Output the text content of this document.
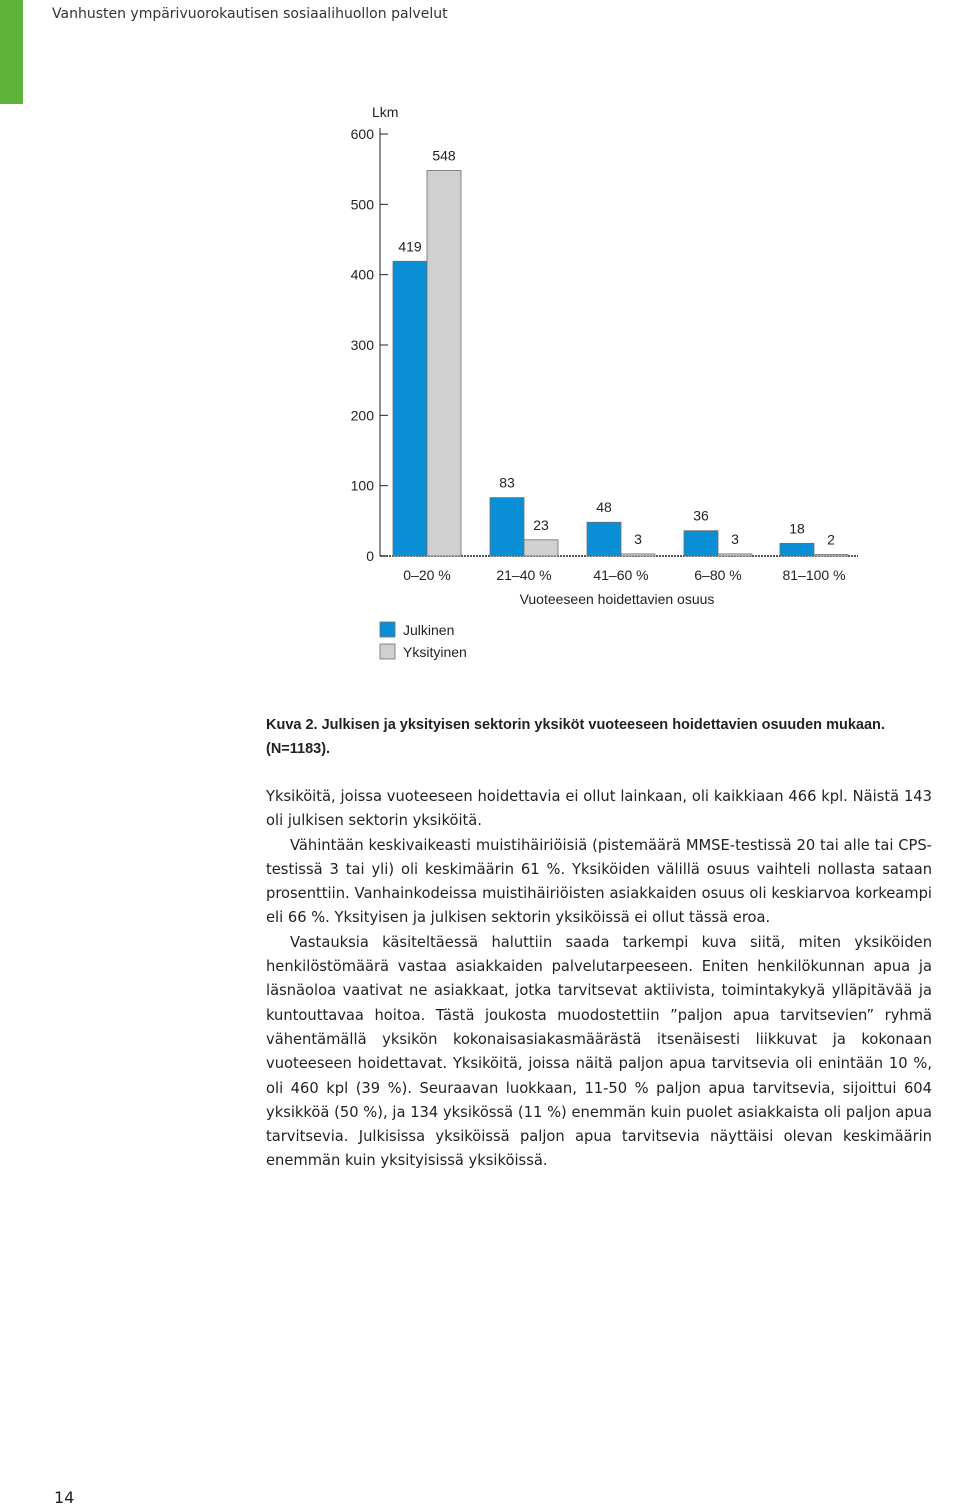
Vanhusten ympärivuorokautisen sosiaalihuollon palvelut
Lkm
0
100
200
300
400
500
600
419
548
83
23
48
3
36
3
18
2
0–20 %	21–40 %	41–60 %	6–80 %	81–100 %
Vuoteeseen hoidettavien osuus
Julkinen
Yksityinen
Kuva 2. Julkisen ja yksityisen sektorin yksiköt vuoteeseen hoidettavien osuuden mukaan. (N=1183).

Yksiköitä, joissa vuoteeseen hoidettavia ei ollut lainkaan, oli kaikkiaan 466 kpl. Näistä 143 oli julkisen sektorin yksiköitä.

Vähintään keskivaikeasti muistihäiriöisiä (pistemäärä MMSE-testissä 20 tai alle tai CPS-testissä 3 tai yli) oli keskimäärin 61 %. Yksiköiden välillä osuus vaihteli nollasta sataan prosenttiin. Vanhainkodeissa muistihäiriöisten asiakkaiden osuus oli keskiarvoa korkeampi eli 66 %. Yksityisen ja julkisen sektorin yksiköissä ei ollut tässä eroa.

Vastauksia käsiteltäessä haluttiin saada tarkempi kuva siitä, miten yksiköiden henkilöstömäärä vastaa asiakkaiden palvelutarpeeseen. Eniten henkilökunnan apua ja läsnäoloa vaativat ne asiakkaat, jotka tarvitsevat aktiivista, toimintakykyä ylläpitävää ja kuntouttavaa hoitoa. Tästä joukosta muodostettiin ”paljon apua tarvitsevien” ryhmä vähentämällä yksikön kokonaisasiakasmäärästä itsenäisesti liikkuvat ja kokonaan vuoteeseen hoidettavat. Yksiköitä, joissa näitä paljon apua tarvitsevia oli enintään 10 %, oli 460 kpl (39 %). Seuraavan luokkaan, 11-50 % paljon apua tarvitsevia, sijoittui 604 yksikköä (50 %), ja 134 yksikössä (11 %) enemmän kuin puolet asiakkaista oli paljon apua tarvitsevia. Julkisissa yksiköissä paljon apua tarvitsevia näyttäisi olevan keskimäärin enemmän kuin yksityisissä yksiköissä.

14
